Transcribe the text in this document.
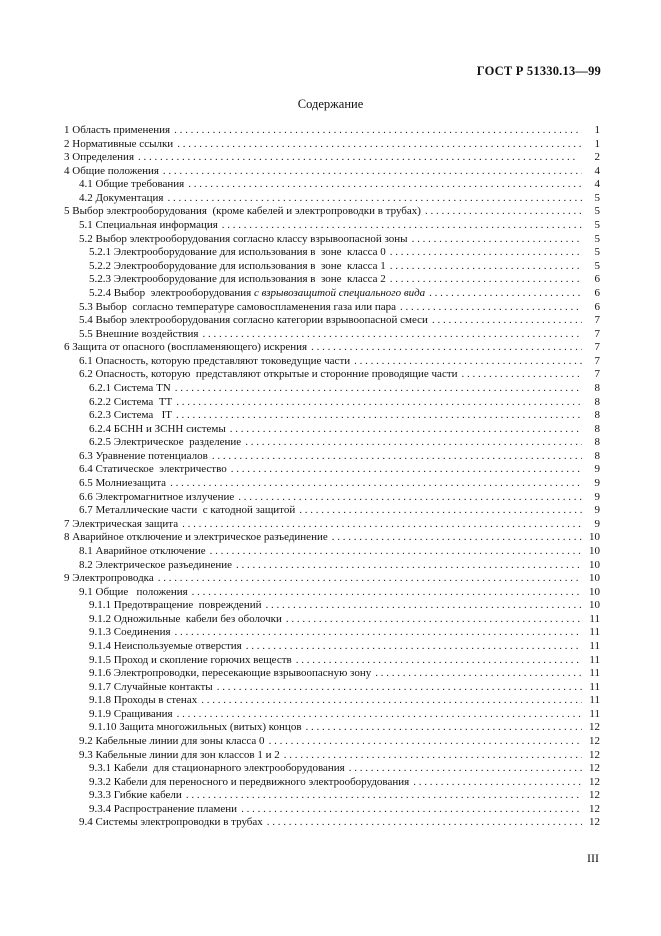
ГОСТ Р 51330.13—99
Содержание
1 Область применения . .	1
2 Нормативные ссылки . .	1
3 Определения . .	2
4 Общие положения . .	4
4.1 Общие требования . .	4
4.2 Документация . .	5
5 Выбор электрооборудования  (кроме кабелей и электропроводки в трубах) . .	5
5.1 Специальная информация . .	5
5.2 Выбор электрооборудования согласно классу взрывоопасной зоны . .	5
5.2.1 Электрооборудование для использования в  зоне  класса 0 . .	5
5.2.2 Электрооборудование для использования в  зоне  класса 1 . .	5
5.2.3 Электрооборудование для использования в  зоне  класса 2 . .	6
5.2.4 Выбор  электрооборудования с взрывозащитой специального вида . .	6
5.3 Выбор  согласно температуре самовоспламенения газа или пара . .	6
5.4 Выбор электрооборудования согласно категории взрывоопасной смеси . .	7
5.5 Внешние воздействия . .	7
6 Защита от опасного (воспламеняющего) искрения . .	7
6.1 Опасность, которую представляют токоведущие части . .	7
6.2 Опасность, которую  представляют открытые и сторонние проводящие части . .	7
6.2.1 Система TN . .	8
6.2.2 Система  TT . .	8
6.2.3 Система   IT . .	8
6.2.4 БСНН и ЗСНН системы . .	8
6.2.5 Электрическое  разделение . .	8
6.3 Уравнение потенциалов . .	8
6.4 Статическое  электричество . .	9
6.5 Молниезащита . .	9
6.6 Электромагнитное излучение . .	9
6.7 Металлические части  с катодной защитой . .	9
7 Электрическая защита . .	9
8 Аварийное отключение и электрическое разъединение . .	10
8.1 Аварийное отключение . .	10
8.2 Электрическое разъединение . .	10
9 Электропроводка . .	10
9.1 Общие   положения . .	10
9.1.1 Предотвращение  повреждений . .	10
9.1.2 Одножильные  кабели без оболочки . .	11
9.1.3 Соединения . .	11
9.1.4 Неиспользуемые отверстия . .	11
9.1.5 Проход и скопление горючих веществ . .	11
9.1.6 Электропроводки, пересекающие взрывоопасную зону . .	11
9.1.7 Случайные контакты . .	11
9.1.8 Проходы в стенах . .	11
9.1.9 Сращивания . .	11
9.1.10 Защита многожильных (витых) концов . .	12
9.2 Кабельные линии для зоны класса 0 . .	12
9.3 Кабельные линии для зон классов 1 и 2 . .	12
9.3.1 Кабели  для стационарного электрооборудования . .	12
9.3.2 Кабели для переносного и передвижного электрооборудования . .	12
9.3.3 Гибкие кабели . .	12
9.3.4 Распространение пламени . .	12
9.4 Системы электропроводки в трубах . .	12
III
